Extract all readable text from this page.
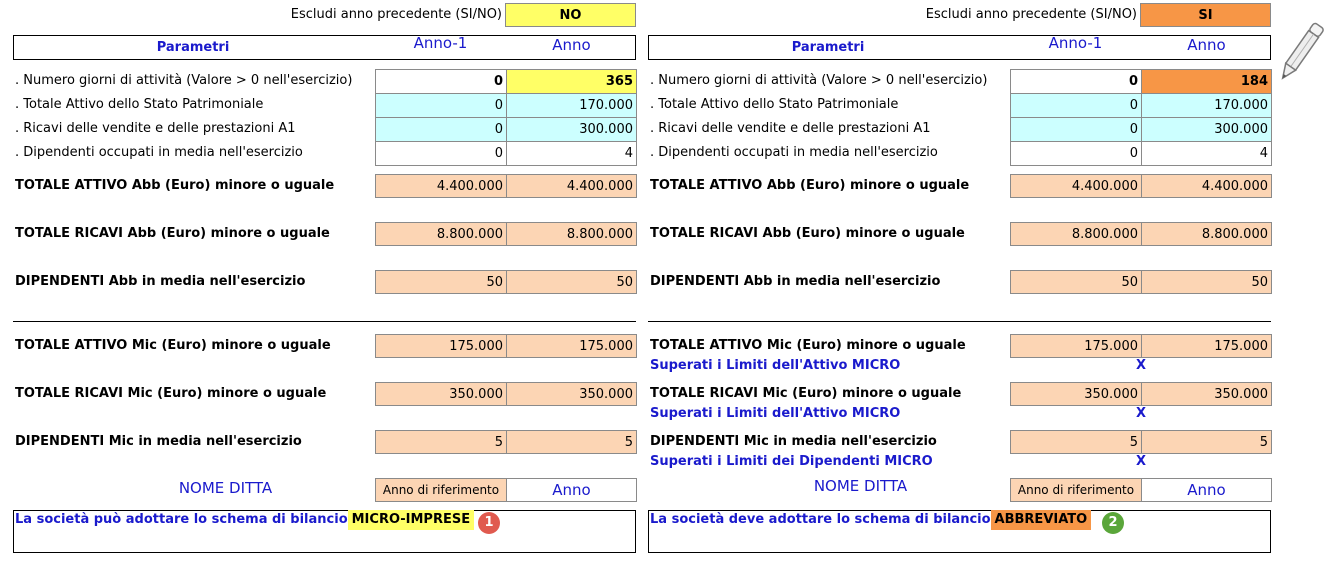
Escludi anno precedente (SI/NO)	NO
Parametri	Anno-1	Anno
. Numero giorni di attività (Valore > 0 nell'esercizio)	0	365
. Totale Attivo dello Stato Patrimoniale	0	170.000
. Ricavi delle vendite e delle prestazioni A1	0	300.000
. Dipendenti occupati in media nell'esercizio	0	4
TOTALE ATTIVO Abb (Euro) minore o uguale	4.400.000	4.400.000
TOTALE RICAVI Abb (Euro) minore o uguale	8.800.000	8.800.000
DIPENDENTI Abb in media nell'esercizio	50	50
TOTALE ATTIVO Mic (Euro) minore o uguale	175.000	175.000
TOTALE RICAVI Mic (Euro) minore o uguale	350.000	350.000
DIPENDENTI Mic in media nell'esercizio	5	5
NOME DITTA	Anno di riferimento	Anno
La società può adottare lo schema di bilancio MICRO-IMPRESE	1
Escludi anno precedente (SI/NO)	SI
Parametri	Anno-1	Anno
. Numero giorni di attività (Valore > 0 nell'esercizio)	0	184
. Totale Attivo dello Stato Patrimoniale	0	170.000
. Ricavi delle vendite e delle prestazioni A1	0	300.000
. Dipendenti occupati in media nell'esercizio	0	4
TOTALE ATTIVO Abb (Euro) minore o uguale	4.400.000	4.400.000
TOTALE RICAVI Abb (Euro) minore o uguale	8.800.000	8.800.000
DIPENDENTI Abb in media nell'esercizio	50	50
TOTALE ATTIVO Mic (Euro) minore o uguale	175.000	175.000
Superati i Limiti dell'Attivo MICRO	X
TOTALE RICAVI Mic (Euro) minore o uguale	350.000	350.000
Superati i Limiti dell'Attivo MICRO	X
DIPENDENTI Mic in media nell'esercizio	5	5
Superati i Limiti dei Dipendenti MICRO	X
NOME DITTA	Anno di riferimento	Anno
La società deve adottare lo schema di bilancio ABBREVIATO	2
